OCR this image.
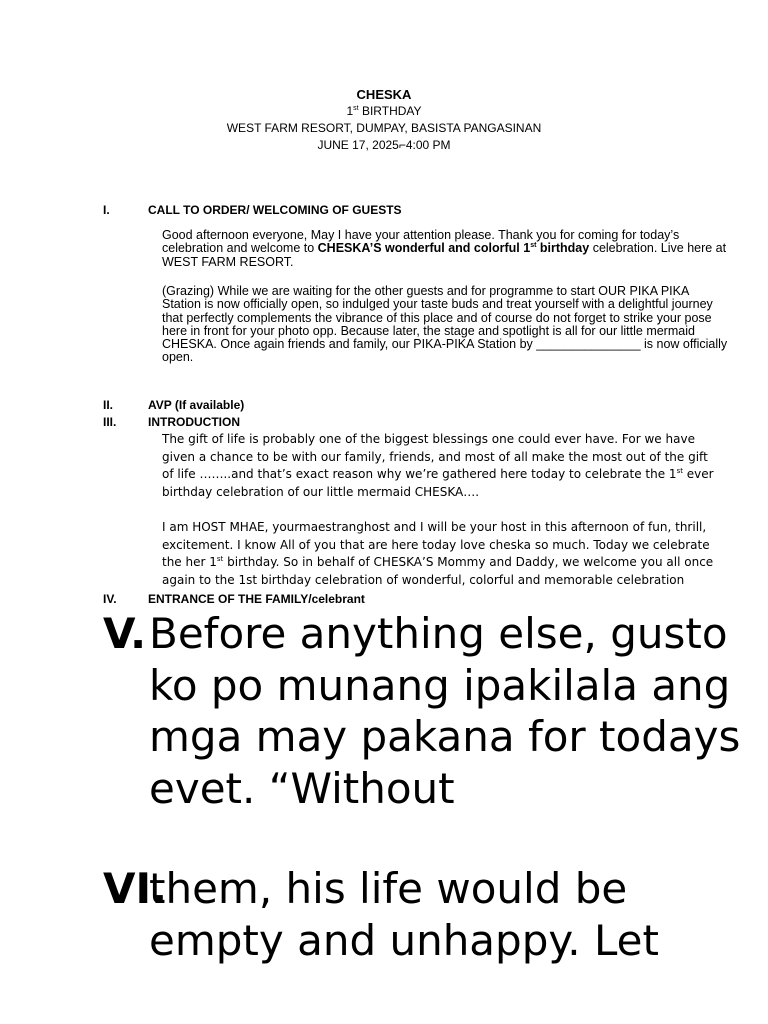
CHESKA
1st BIRTHDAY
WEST FARM RESORT, DUMPAY, BASISTA PANGASINAN
JUNE 17, 2025⌐4:00 PM
I.	CALL TO ORDER/ WELCOMING OF GUESTS
Good afternoon everyone, May I have your attention please. Thank you for coming for today’s celebration and welcome to CHESKA’S wonderful and colorful 1st birthday celebration. Live here at WEST FARM RESORT.
(Grazing) While we are waiting for the other guests and for programme to start OUR PIKA PIKA Station is now officially open, so indulged your taste buds and treat yourself with a delightful journey that perfectly complements the vibrance of this place and of course do not forget to strike your pose here in front for your photo opp. Because later, the stage and spotlight is all for our little mermaid CHESKA. Once again friends and family, our PIKA-PIKA Station by _______________ is now officially open.
II.	AVP (If available)
III.	INTRODUCTION
The gift of life is probably one of the biggest blessings one could ever have. For we have given a chance to be with our family, friends, and most of all make the most out of the gift of life ……..and that’s exact reason why we’re gathered here today to celebrate the 1st ever birthday celebration of our little mermaid CHESKA….
I am HOST MHAE, yourmaestranghost and I will be your host in this afternoon of fun, thrill, excitement. I know All of you that are here today love cheska so much. Today we celebrate the her 1st birthday. So in behalf of CHESKA’S Mommy and Daddy, we welcome you all once again to the 1st birthday celebration of wonderful, colorful and memorable celebration
IV.	ENTRANCE OF THE FAMILY/celebrant
V. Before anything else, gusto ko po munang ipakilala ang mga may pakana for todays evet. “Without
VI.
them, his life would be empty and unhappy. Let
